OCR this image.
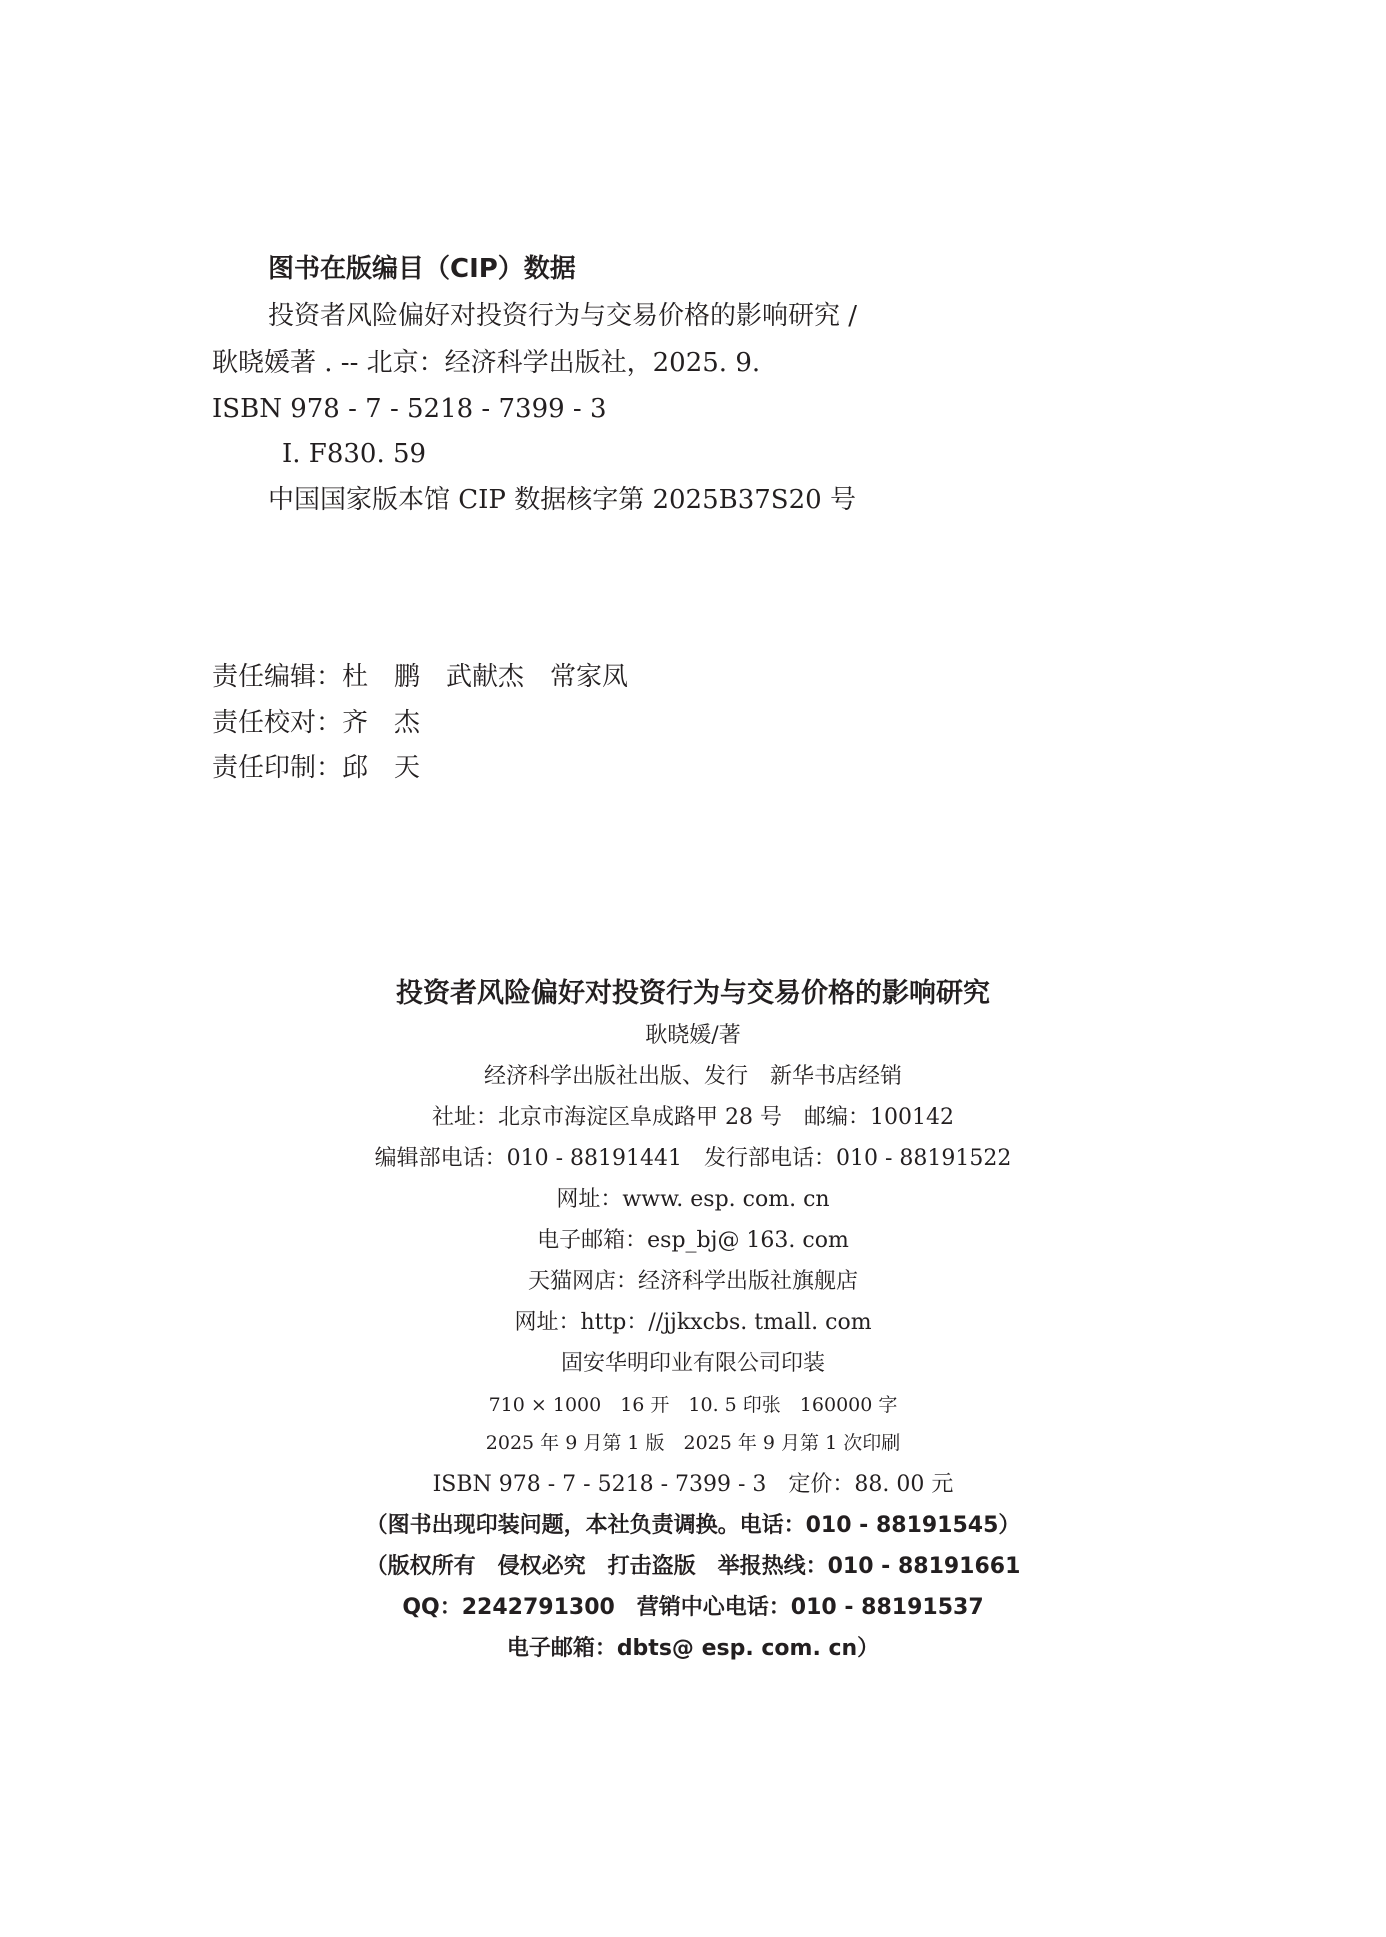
图书在版编目（CIP）数据
投资者风险偏好对投资行为与交易价格的影响研究 /
耿晓媛著 . -- 北京：经济科学出版社，2025. 9.
ISBN 978 - 7 - 5218 - 7399 - 3
Ⅰ. F830. 59
中国国家版本馆 CIP 数据核字第 2025B37S20 号
责任编辑：杜　鹏　武献杰　常家凤
责任校对：齐　杰
责任印制：邱　天
投资者风险偏好对投资行为与交易价格的影响研究
耿晓媛/著
经济科学出版社出版、发行　新华书店经销
社址：北京市海淀区阜成路甲 28 号　邮编：100142
编辑部电话：010 - 88191441　发行部电话：010 - 88191522
网址：www. esp. com. cn
电子邮箱：esp_bj@ 163. com
天猫网店：经济科学出版社旗舰店
网址：http：//jjkxcbs. tmall. com
固安华明印业有限公司印装
710 × 1000　16 开　10. 5 印张　160000 字
2025 年 9 月第 1 版　2025 年 9 月第 1 次印刷
ISBN 978 - 7 - 5218 - 7399 - 3　定价：88. 00 元
（图书出现印装问题，本社负责调换。电话：010 - 88191545）
（版权所有　侵权必究　打击盗版　举报热线：010 - 88191661
QQ：2242791300　营销中心电话：010 - 88191537
电子邮箱：dbts@ esp. com. cn）
